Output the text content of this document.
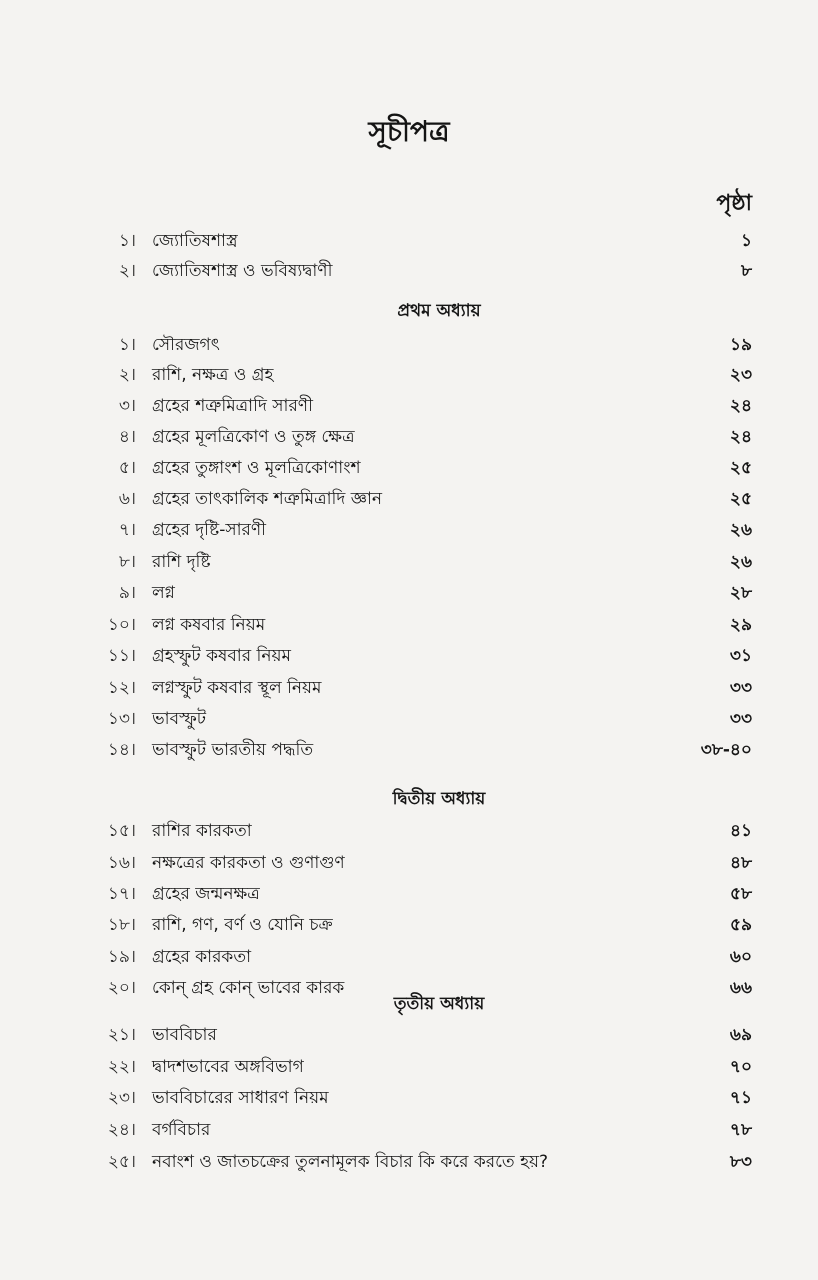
সূচীপত্র
পৃষ্ঠা
১। জ্যোতিষশাস্ত্র	১
২। জ্যোতিষশাস্ত্র ও ভবিষ্যদ্বাণী	৮
প্রথম অধ্যায়
১। সৌরজগৎ	১৯
২। রাশি, নক্ষত্র ও গ্রহ	২৩
৩। গ্রহের শত্রুমিত্রাদি সারণী	২৪
৪। গ্রহের মূলত্রিকোণ ও তুঙ্গ ক্ষেত্র	২৪
৫। গ্রহের তুঙ্গাংশ ও মূলত্রিকোণাংশ	২৫
৬। গ্রহের তাৎকালিক শত্রুমিত্রাদি জ্ঞান	২৫
৭। গ্রহের দৃষ্টি-সারণী	২৬
৮। রাশি দৃষ্টি	২৬
৯। লগ্ন	২৮
১০। লগ্ন কষবার নিয়ম	২৯
১১। গ্রহস্ফুট কষবার নিয়ম	৩১
১২। লগ্নস্ফুট কষবার স্থূল নিয়ম	৩৩
১৩। ভাবস্ফুট	৩৩
১৪। ভাবস্ফুট ভারতীয় পদ্ধতি	৩৮-৪০
দ্বিতীয় অধ্যায়
১৫। রাশির কারকতা	৪১
১৬। নক্ষত্রের কারকতা ও গুণাগুণ	৪৮
১৭। গ্রহের জন্মনক্ষত্র	৫৮
১৮। রাশি, গণ, বর্ণ ও যোনি চক্র	৫৯
১৯। গ্রহের কারকতা	৬০
২০। কোন্ গ্রহ কোন্ ভাবের কারক	৬৬
তৃতীয় অধ্যায়
২১। ভাববিচার	৬৯
২২। দ্বাদশভাবের অঙ্গবিভাগ	৭০
২৩। ভাববিচারের সাধারণ নিয়ম	৭১
২৪। বর্গবিচার	৭৮
২৫। নবাংশ ও জাতচক্রের তুলনামূলক বিচার কি করে করতে হয়?	৮৩
